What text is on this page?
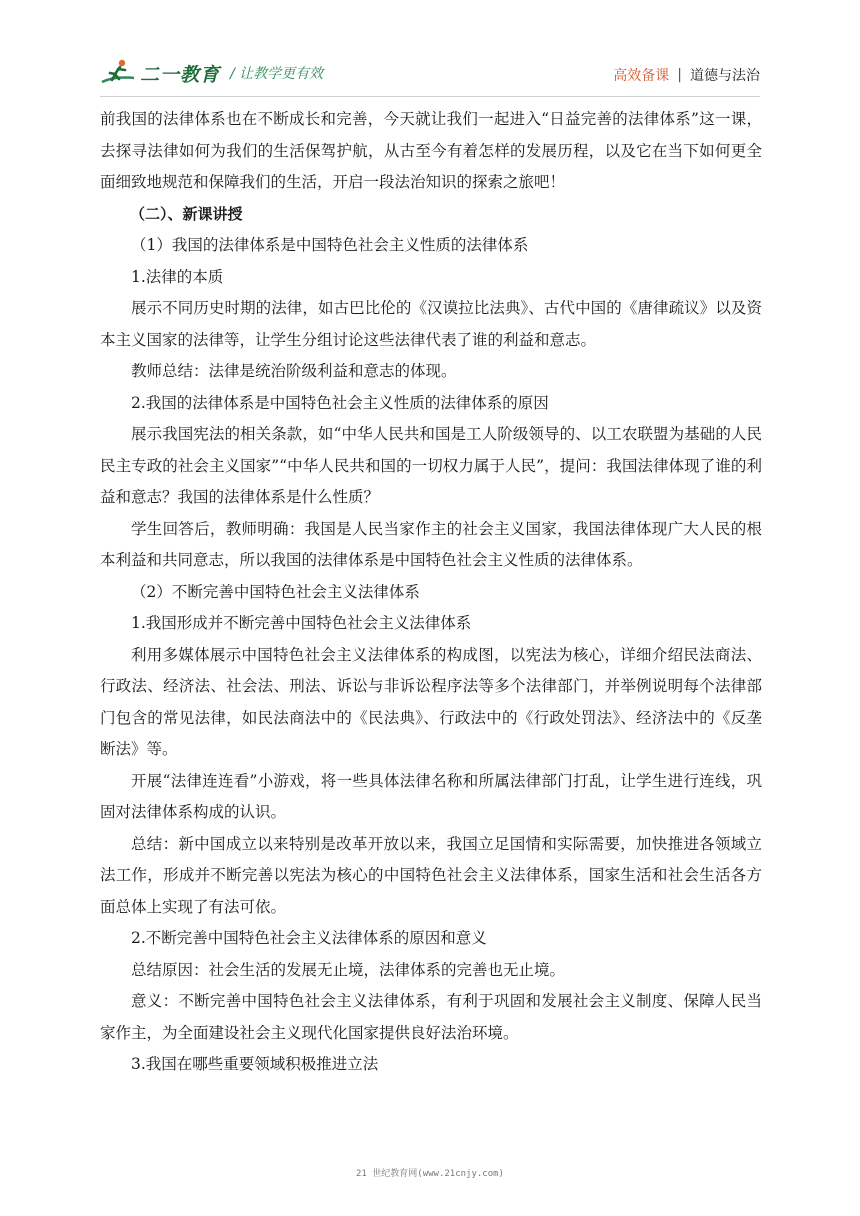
二一教育 / 让教学更有效	高效备课 | 道德与法治

前我国的法律体系也在不断成长和完善，今天就让我们一起进入“日益完善的法律体系”这一课，去探寻法律如何为我们的生活保驾护航，从古至今有着怎样的发展历程，以及它在当下如何更全面细致地规范和保障我们的生活，开启一段法治知识的探索之旅吧！

（二）、新课讲授

（1）我国的法律体系是中国特色社会主义性质的法律体系

1.法律的本质

展示不同历史时期的法律，如古巴比伦的《汉谟拉比法典》、古代中国的《唐律疏议》以及资本主义国家的法律等，让学生分组讨论这些法律代表了谁的利益和意志。

教师总结：法律是统治阶级利益和意志的体现。

2.我国的法律体系是中国特色社会主义性质的法律体系的原因

展示我国宪法的相关条款，如“中华人民共和国是工人阶级领导的、以工农联盟为基础的人民民主专政的社会主义国家”“中华人民共和国的一切权力属于人民”，提问：我国法律体现了谁的利益和意志？我国的法律体系是什么性质？

学生回答后，教师明确：我国是人民当家作主的社会主义国家，我国法律体现广大人民的根本利益和共同意志，所以我国的法律体系是中国特色社会主义性质的法律体系。

（2）不断完善中国特色社会主义法律体系

1.我国形成并不断完善中国特色社会主义法律体系

利用多媒体展示中国特色社会主义法律体系的构成图，以宪法为核心，详细介绍民法商法、行政法、经济法、社会法、刑法、诉讼与非诉讼程序法等多个法律部门，并举例说明每个法律部门包含的常见法律，如民法商法中的《民法典》、行政法中的《行政处罚法》、经济法中的《反垄断法》等。

开展“法律连连看”小游戏，将一些具体法律名称和所属法律部门打乱，让学生进行连线，巩固对法律体系构成的认识。

总结：新中国成立以来特别是改革开放以来，我国立足国情和实际需要，加快推进各领域立法工作，形成并不断完善以宪法为核心的中国特色社会主义法律体系，国家生活和社会生活各方面总体上实现了有法可依。

2.不断完善中国特色社会主义法律体系的原因和意义

总结原因：社会生活的发展无止境，法律体系的完善也无止境。

意义：不断完善中国特色社会主义法律体系，有利于巩固和发展社会主义制度、保障人民当家作主，为全面建设社会主义现代化国家提供良好法治环境。

3.我国在哪些重要领域积极推进立法

21 世纪教育网(www.21cnjy.com)
